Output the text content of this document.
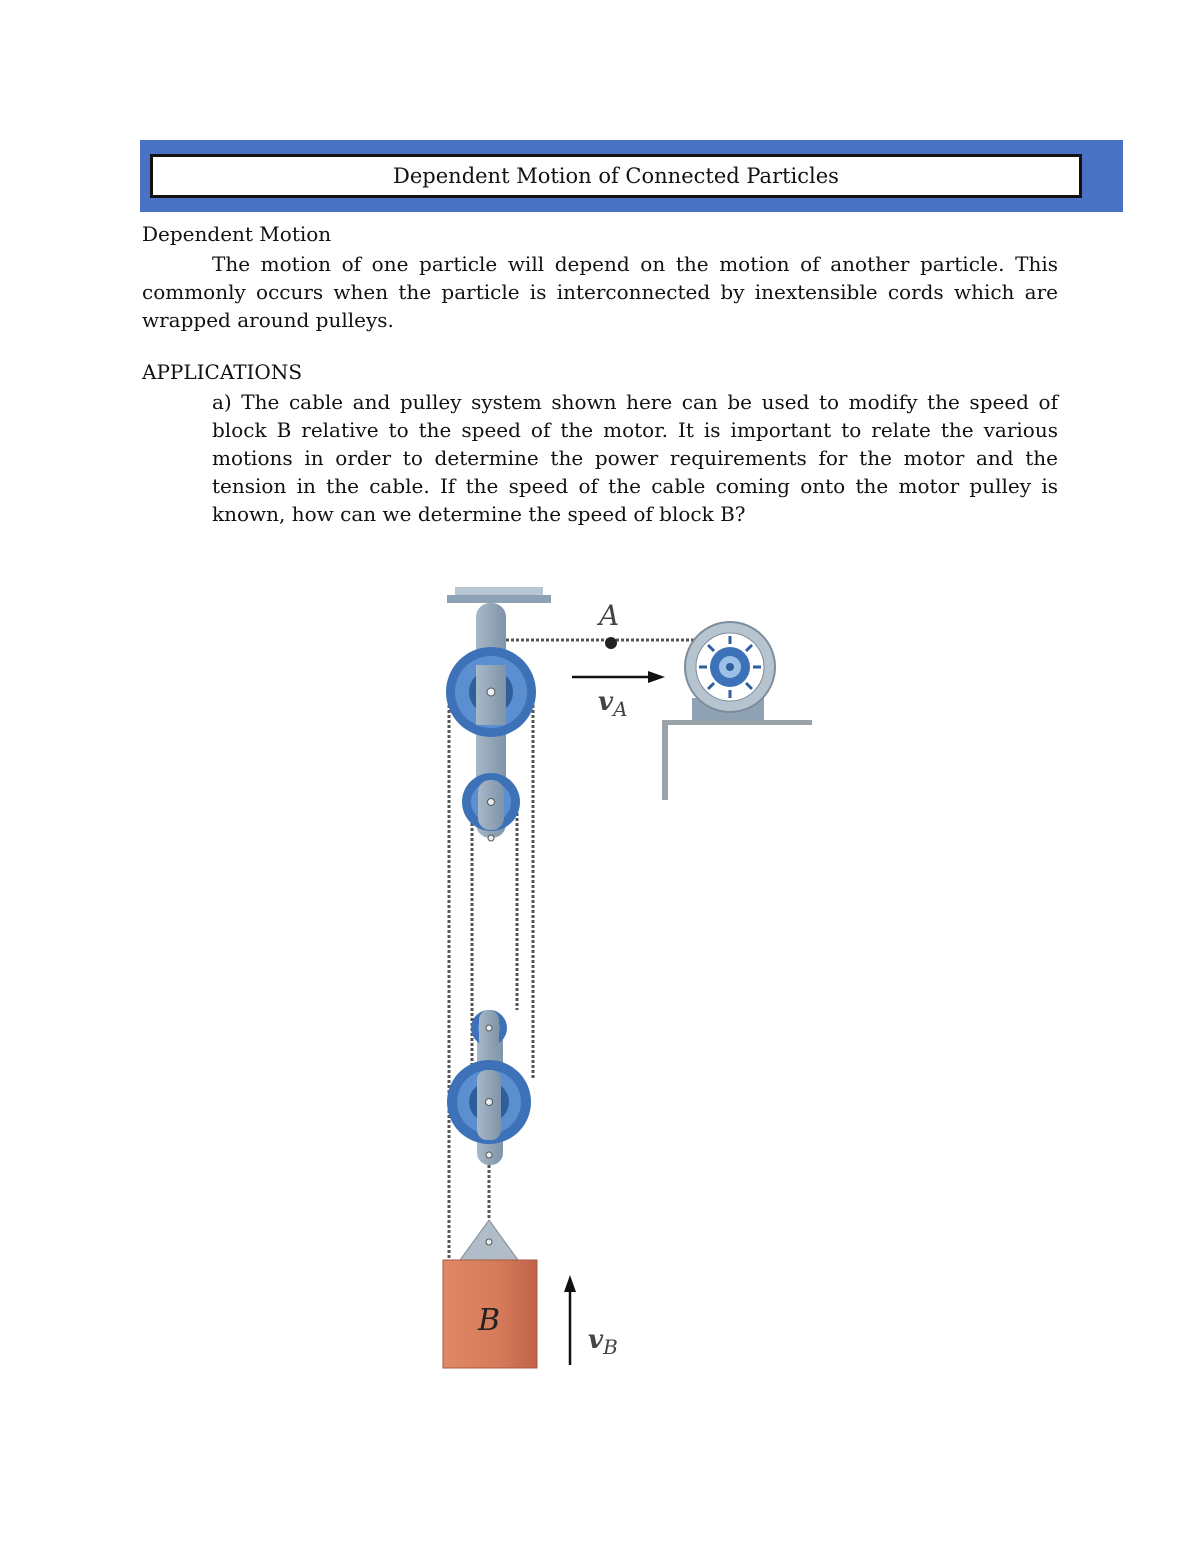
Dependent Motion of Connected Particles
Dependent Motion
The motion of one particle will depend on the motion of another particle. This commonly occurs when the particle is interconnected by inextensible cords which are wrapped around pulleys.
APPLICATIONS
a) The cable and pulley system shown here can be used to modify the speed of block B relative to the speed of the motor. It is important to relate the various motions in order to determine the power requirements for the motor and the tension in the cable. If the speed of the cable coming onto the motor pulley is known, how can we determine the speed of block B?
B
$v_B$
A
$v_A$
